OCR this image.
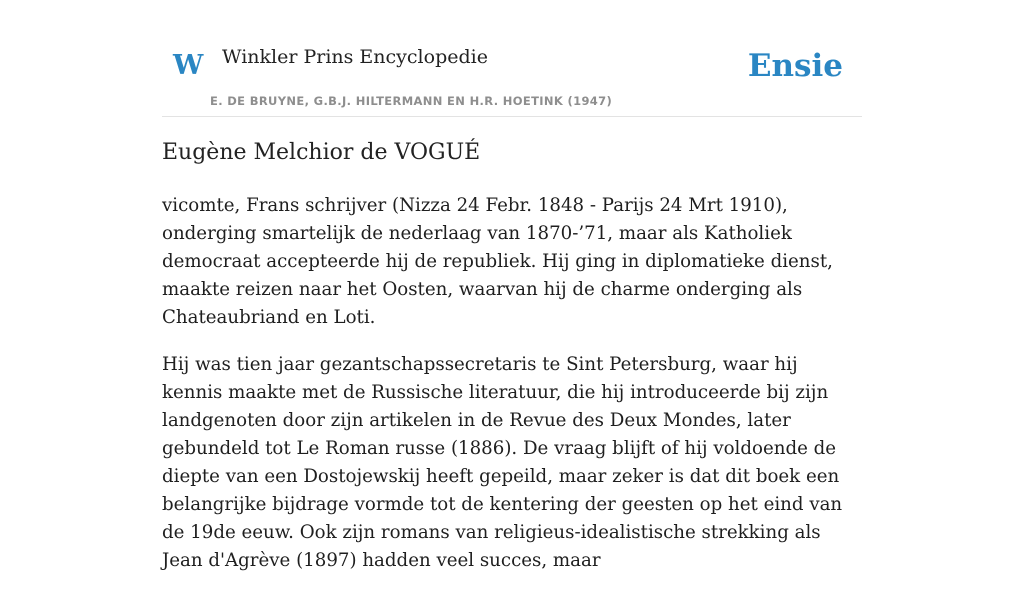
W Winkler Prins Encyclopedie
E. DE BRUYNE, G.B.J. HILTERMANN EN H.R. HOETINK (1947)
Ensie
Eugène Melchior de VOGUÉ

vicomte, Frans schrijver (Nizza 24 Febr. 1848 - Parijs 24 Mrt 1910), onderging smartelijk de nederlaag van 1870-’71, maar als Katholiek democraat accepteerde hij de republiek. Hij ging in diplomatieke dienst, maakte reizen naar het Oosten, waarvan hij de charme onderging als Chateaubriand en Loti.

Hij was tien jaar gezantschapssecretaris te Sint Petersburg, waar hij kennis maakte met de Russische literatuur, die hij introduceerde bij zijn landgenoten door zijn artikelen in de Revue des Deux Mondes, later gebundeld tot Le Roman russe (1886). De vraag blijft of hij voldoende de diepte van een Dostojewskij heeft gepeild, maar zeker is dat dit boek een belangrijke bijdrage vormde tot de kentering der geesten op het eind van de 19de eeuw. Ook zijn romans van religieus-idealistische strekking als Jean d'Agrève (1897) hadden veel succes, maar
